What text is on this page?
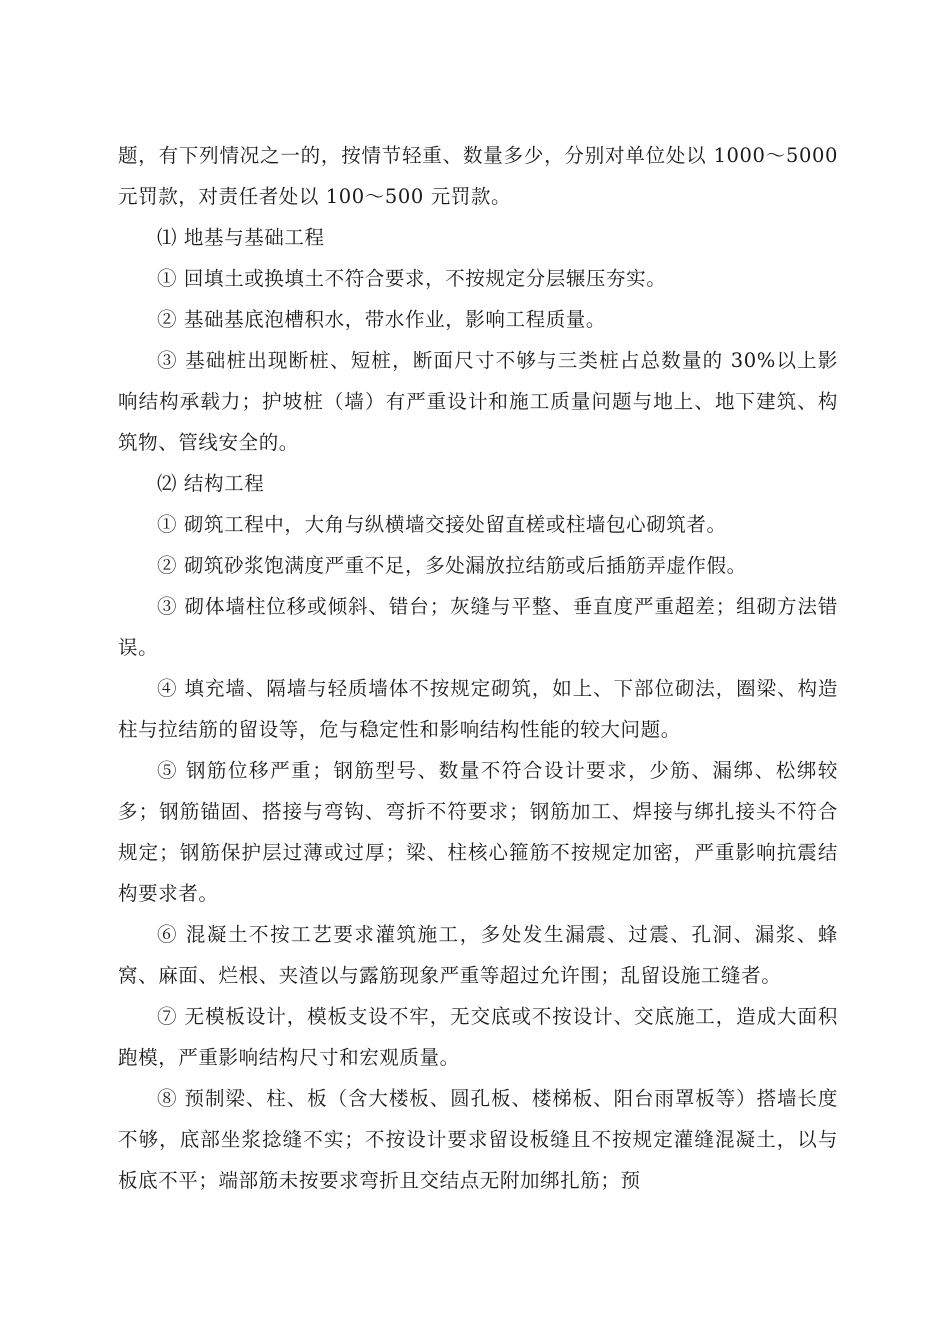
题，有下列情况之一的，按情节轻重、数量多少，分别对单位处以 1000～5000 元罚款，对责任者处以 100～500 元罚款。

⑴ 地基与基础工程

① 回填土或换填土不符合要求，不按规定分层辗压夯实。

② 基础基底泡槽积水，带水作业，影响工程质量。

③ 基础桩出现断桩、短桩，断面尺寸不够与三类桩占总数量的 30%以上影响结构承载力；护坡桩（墙）有严重设计和施工质量问题与地上、地下建筑、构筑物、管线安全的。

⑵ 结构工程

① 砌筑工程中，大角与纵横墙交接处留直槎或柱墙包心砌筑者。

② 砌筑砂浆饱满度严重不足，多处漏放拉结筋或后插筋弄虚作假。

③ 砌体墙柱位移或倾斜、错台；灰缝与平整、垂直度严重超差；组砌方法错误。

④ 填充墙、隔墙与轻质墙体不按规定砌筑，如上、下部位砌法，圈梁、构造柱与拉结筋的留设等，危与稳定性和影响结构性能的较大问题。

⑤ 钢筋位移严重；钢筋型号、数量不符合设计要求，少筋、漏绑、松绑较多；钢筋锚固、搭接与弯钩、弯折不符要求；钢筋加工、焊接与绑扎接头不符合规定；钢筋保护层过薄或过厚；梁、柱核心箍筋不按规定加密，严重影响抗震结构要求者。

⑥ 混凝土不按工艺要求灌筑施工，多处发生漏震、过震、孔洞、漏浆、蜂窝、麻面、烂根、夹渣以与露筋现象严重等超过允许围；乱留设施工缝者。

⑦ 无模板设计，模板支设不牢，无交底或不按设计、交底施工，造成大面积跑模，严重影响结构尺寸和宏观质量。

⑧ 预制梁、柱、板（含大楼板、圆孔板、楼梯板、阳台雨罩板等）搭墙长度不够，底部坐浆捻缝不实；不按设计要求留设板缝且不按规定灌缝混凝土，以与板底不平；端部筋未按要求弯折且交结点无附加绑扎筋；预
